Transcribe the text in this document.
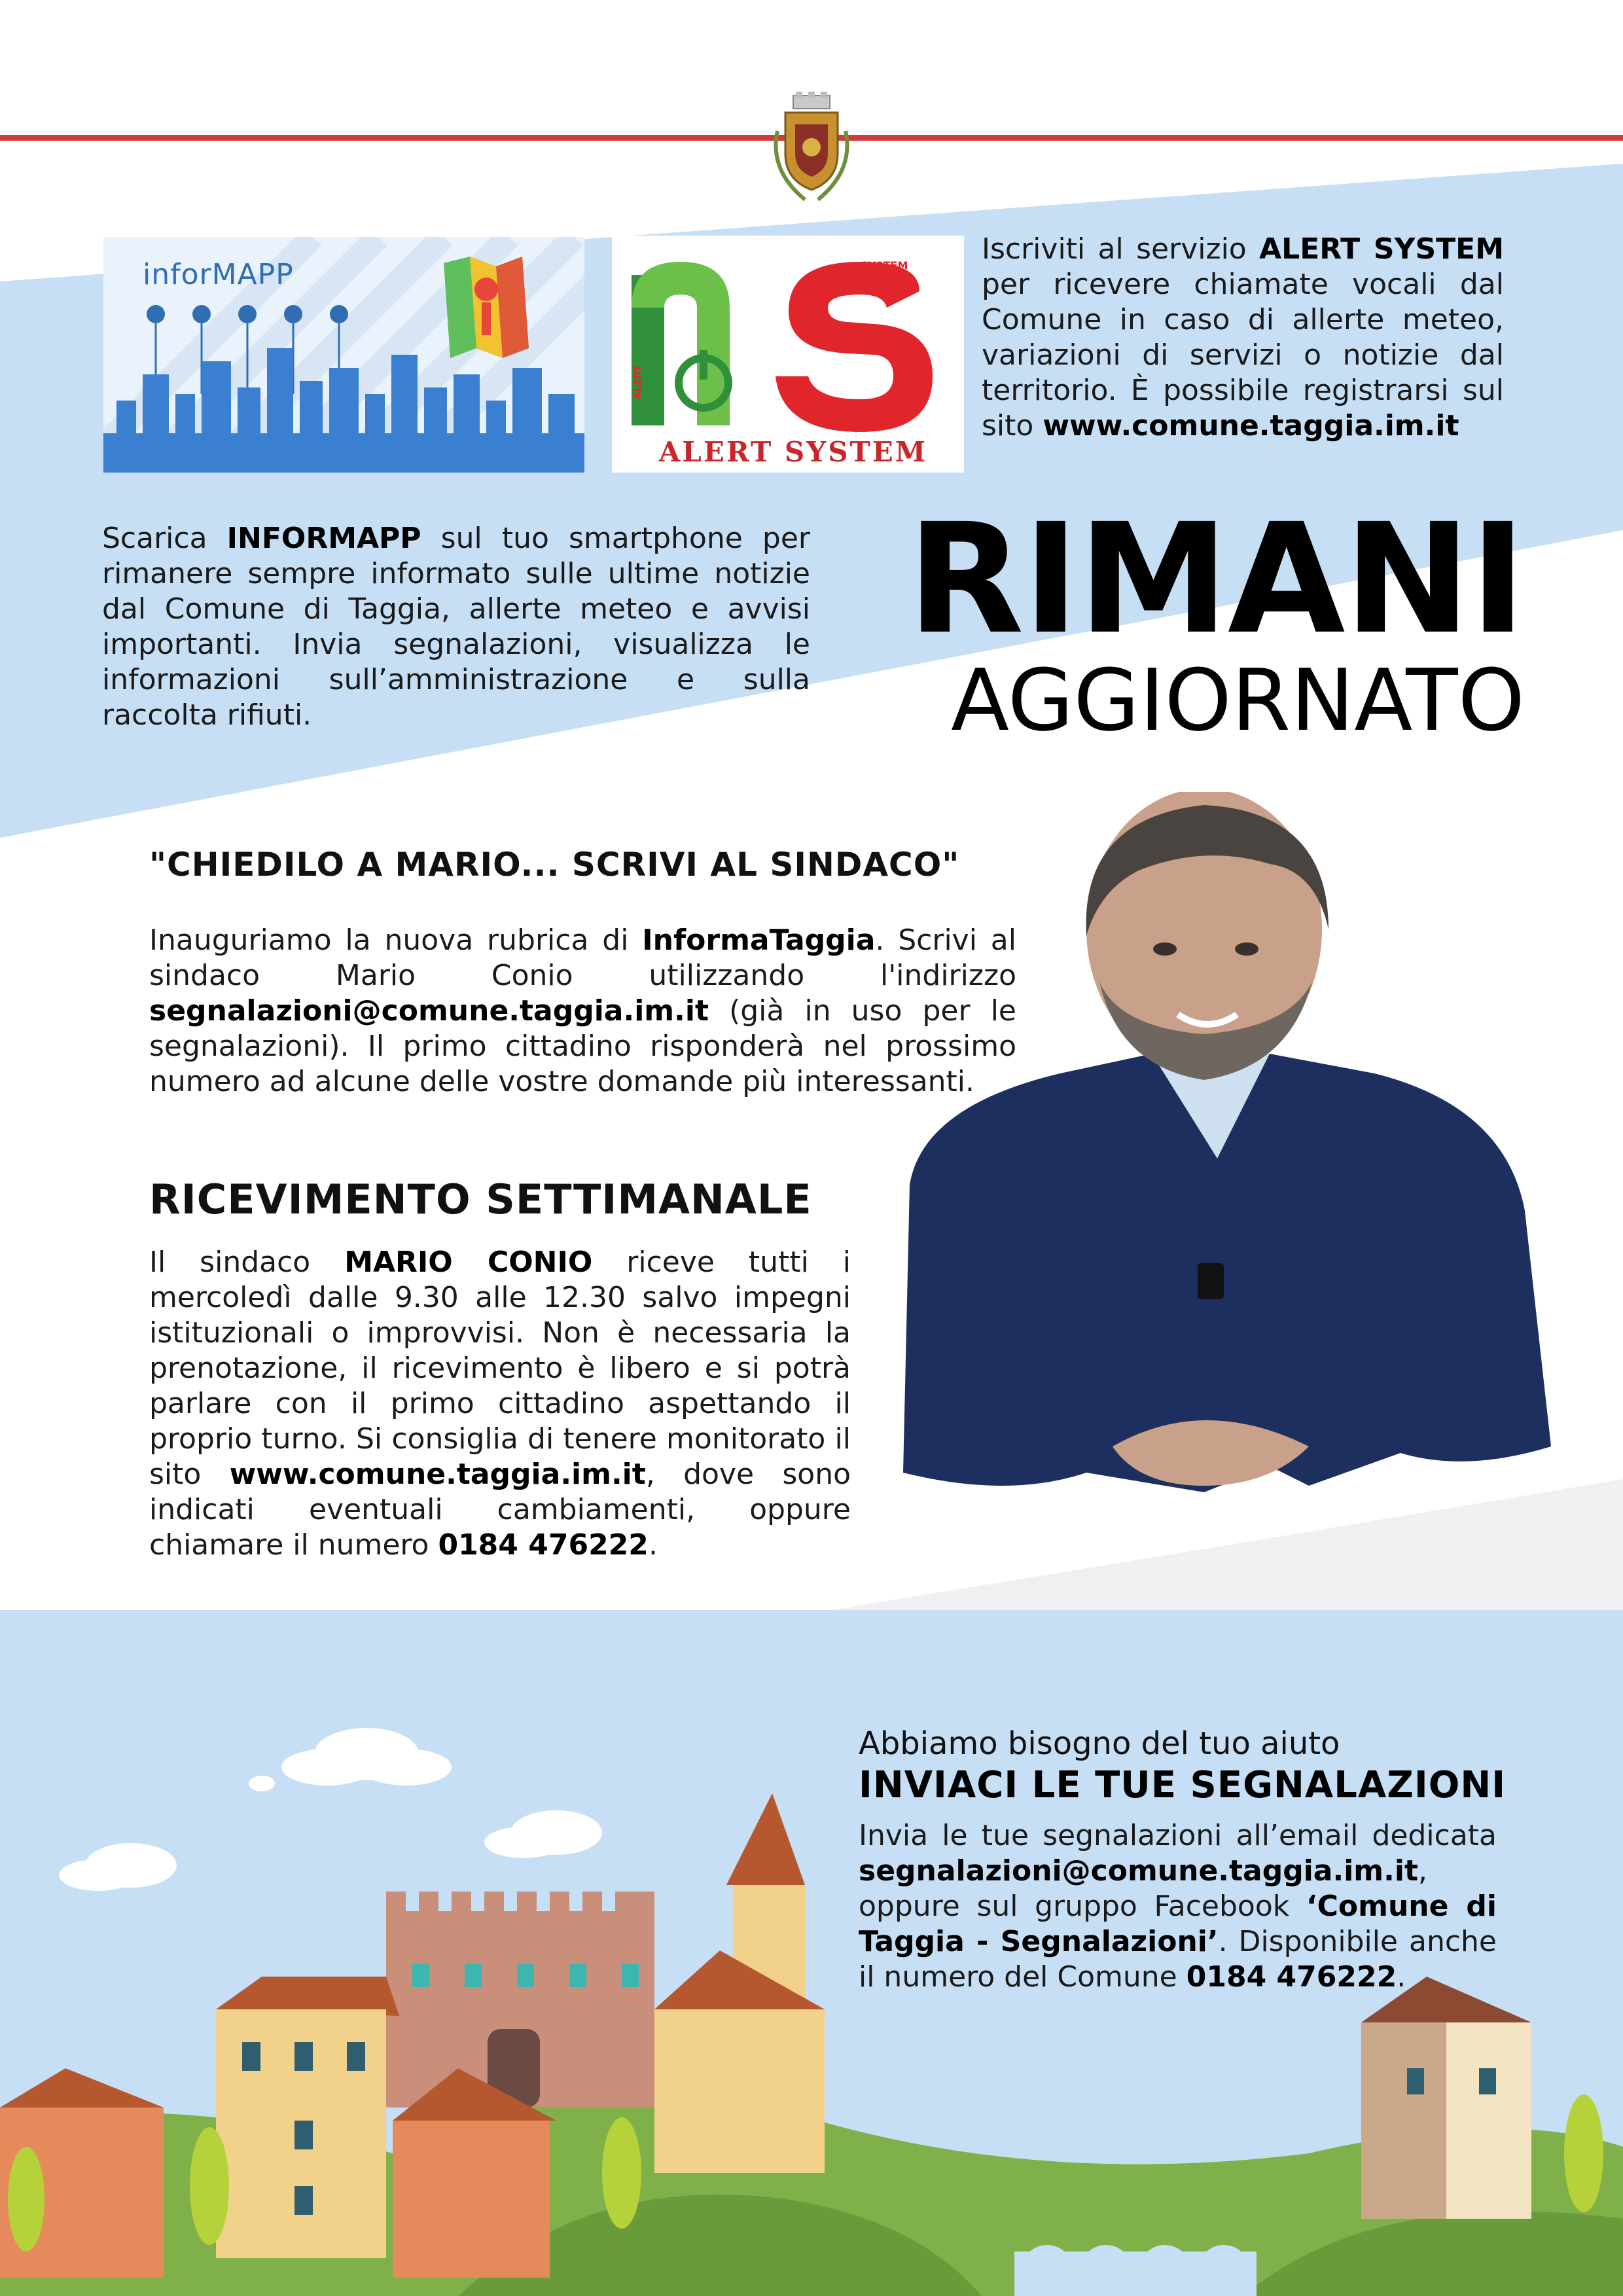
inforMAPP	SYSTEM
ALERT
ALERT SYSTEM
Iscriviti al servizio ALERT SYSTEM per ricevere chiamate vocali dal Comune in caso di allerte meteo, variazioni di servizi o notizie dal territorio. È possibile registrarsi sul sito www.comune.taggia.im.it
Scarica INFORMAPP sul tuo smartphone per rimanere sempre informato sulle ultime notizie dal Comune di Taggia, allerte meteo e avvisi importanti. Invia segnalazioni, visualizza le informazioni sull’amministrazione e sulla raccolta rifiuti.
RIMANI
AGGIORNATO
"CHIEDILO A MARIO... SCRIVI AL SINDACO"
Inauguriamo la nuova rubrica di InformaTaggia. Scrivi al sindaco Mario Conio utilizzando l'indirizzo segnalazioni@comune.taggia.im.it (già in uso per le segnalazioni). Il primo cittadino risponderà nel prossimo numero ad alcune delle vostre domande più interessanti.
RICEVIMENTO SETTIMANALE
Il sindaco MARIO CONIO riceve tutti i mercoledì dalle 9.30 alle 12.30 salvo impegni istituzionali o improvvisi. Non è necessaria la prenotazione, il ricevimento è libero e si potrà parlare con il primo cittadino aspettando il proprio turno. Si consiglia di tenere monitorato il sito www.comune.taggia.im.it, dove sono indicati eventuali cambiamenti, oppure chiamare il numero 0184 476222.
Abbiamo bisogno del tuo aiuto
INVIACI LE TUE SEGNALAZIONI
Invia le tue segnalazioni all’email dedicata segnalazioni@comune.taggia.im.it, oppure sul gruppo Facebook ‘Comune di Taggia - Segnalazioni’. Disponibile anche il numero del Comune 0184 476222.
